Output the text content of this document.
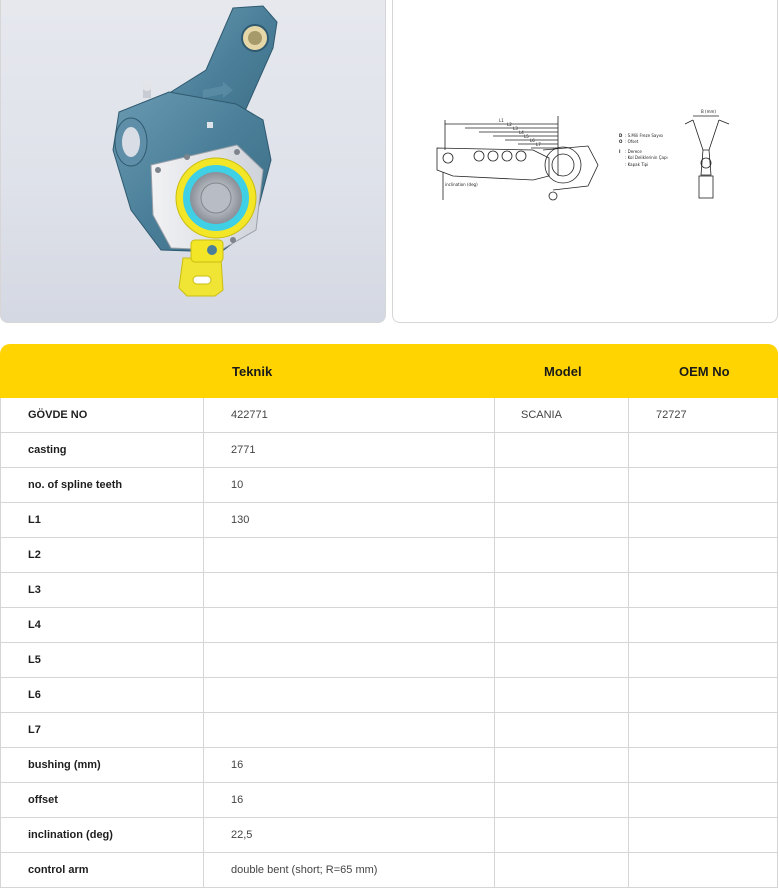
L1
L2
L3
L4
L5
L6
L7
inclination (deg)
B (mm)
D : S.Mili Freze Sayısı
O : Ofset
I : Derece
: Kol Deliklerinin Çapı
: Kapak Tipi

	Teknik	Model	OEM No

GÖVDE NO	422771	SCANIA	72727
casting	2771		
no. of spline teeth	10		
L1	130		
L2			
L3			
L4			
L5			
L6			
L7			
bushing (mm)	16		
offset	16		
inclination (deg)	22,5		
control arm	double bent (short; R=65 mm)		
